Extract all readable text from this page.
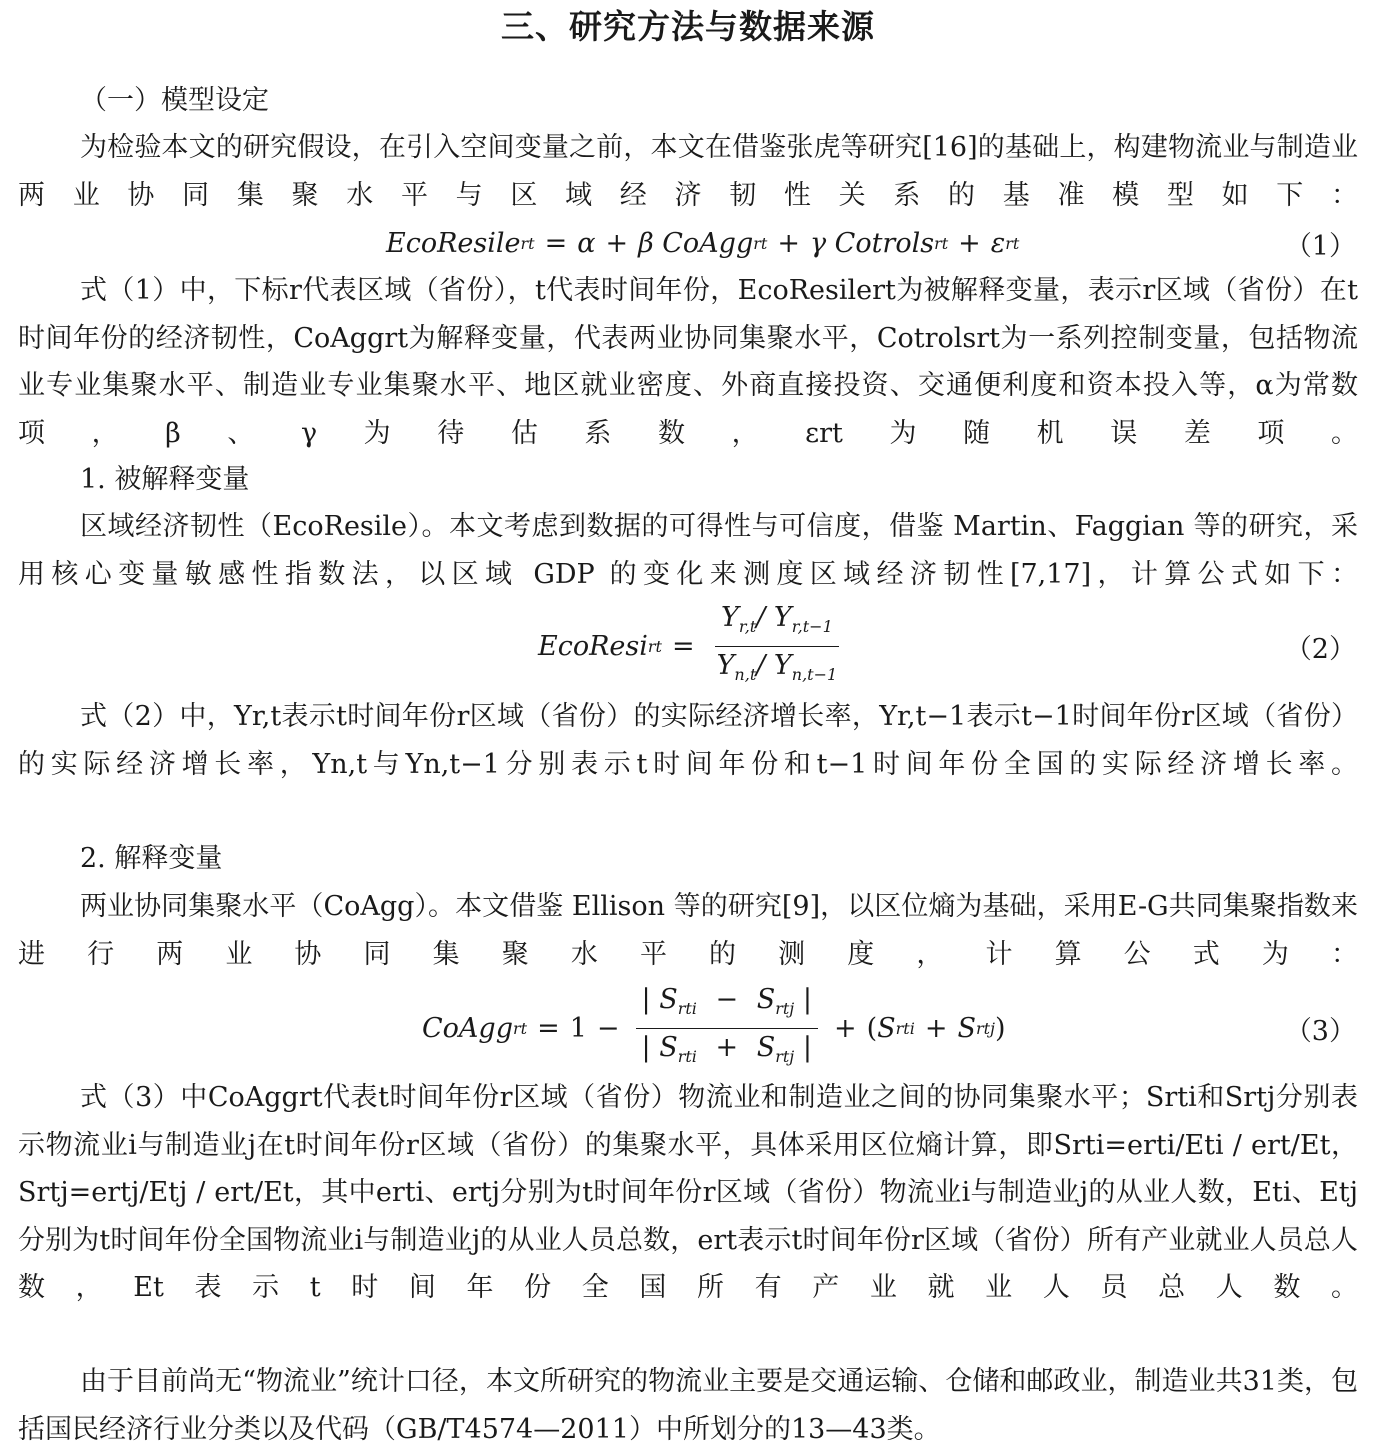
三、研究方法与数据来源
（一）模型设定
为检验本文的研究假设，在引入空间变量之前，本文在借鉴张虎等研究[16]的基础上，构建物流业与制造业两业协同集聚水平与区域经济韧性关系的基准模型如下：
EcoResile rt = α + β CoAgg rt + γ Cotrols rt + ε rt	（1）
式（1）中，下标r代表区域（省份），t代表时间年份，EcoResilert为被解释变量，表示r区域（省份）在t时间年份的经济韧性，CoAggrt为解释变量，代表两业协同集聚水平，Cotrolsrt为一系列控制变量，包括物流业专业集聚水平、制造业专业集聚水平、地区就业密度、外商直接投资、交通便利度和资本投入等，α为常数项，β、γ为待估系数，εrt为随机误差项。
1. 被解释变量
区域经济韧性（EcoResile）。本文考虑到数据的可得性与可信度，借鉴 Martin、Faggian 等的研究，采用核心变量敏感性指数法，以区域 GDP 的变化来测度区域经济韧性[7,17]，计算公式如下：
EcoResi rt = $\frac{Y_{r,t}/ Y_{r,t-1}}{Y_{n,t}/ Y_{n,t-1}}$	（2）
式（2）中，Yr,t表示t时间年份r区域（省份）的实际经济增长率，Yr,t−1表示t−1时间年份r区域（省份）的实际经济增长率，Yn,t与Yn,t−1分别表示t时间年份和t−1时间年份全国的实际经济增长率。
2. 解释变量
两业协同集聚水平（CoAgg）。本文借鉴 Ellison 等的研究[9]，以区位熵为基础，采用E-G共同集聚指数来进行两业协同集聚水平的测度，计算公式为：
CoAgg rt = $1 - \frac{| S_{rti} - S_{rtj} |}{| S_{rti} + S_{rtj} |}$ + ( S rti + S rtj )	（3）
式（3）中CoAggrt代表t时间年份r区域（省份）物流业和制造业之间的协同集聚水平；Srti和Srtj分别表示物流业i与制造业j在t时间年份r区域（省份）的集聚水平，具体采用区位熵计算，即Srti=erti/Eti / ert/Et，Srtj=ertj/Etj / ert/Et，其中erti、ertj分别为t时间年份r区域（省份）物流业i与制造业j的从业人数，Eti、Etj分别为t时间年份全国物流业i与制造业j的从业人员总数，ert表示t时间年份r区域（省份）所有产业就业人员总人数，Et表示t时间年份全国所有产业就业人员总人数。
由于目前尚无“物流业”统计口径，本文所研究的物流业主要是交通运输、仓储和邮政业，制造业共31类，包括国民经济行业分类以及代码（GB/T4574—2011）中所划分的13—43类。
